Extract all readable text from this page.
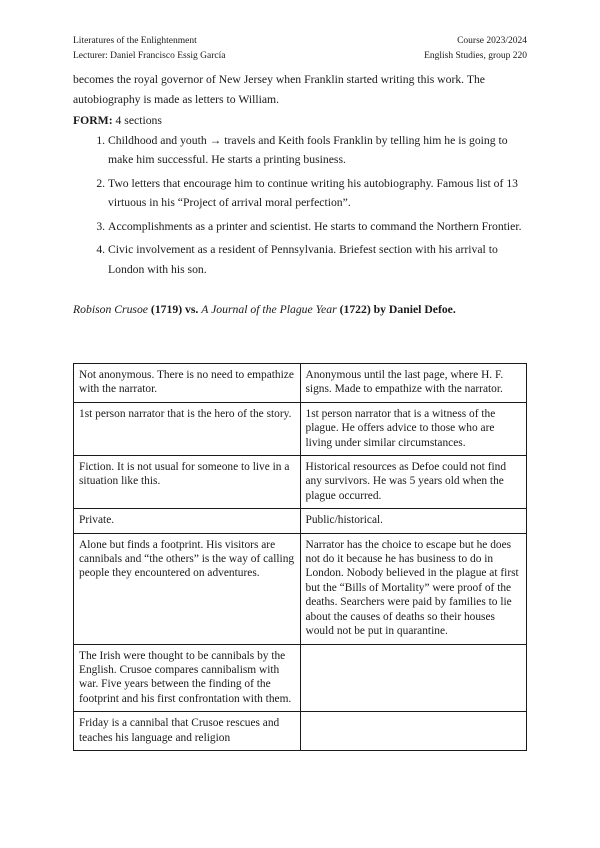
Literatures of the Enlightenment	Course 2023/2024
Lecturer: Daniel Francisco Essig García	English Studies, group 220

becomes the royal governor of New Jersey when Franklin started writing this work. The autobiography is made as letters to William.

FORM: 4 sections

1. Childhood and youth → travels and Keith fools Franklin by telling him he is going to make him successful. He starts a printing business.
2. Two letters that encourage him to continue writing his autobiography. Famous list of 13 virtuous in his “Project of arrival moral perfection”.
3. Accomplishments as a printer and scientist. He starts to command the Northern Frontier.
4. Civic involvement as a resident of Pennsylvania. Briefest section with his arrival to London with his son.

Robison Crusoe (1719) vs. A Journal of the Plague Year (1722) by Daniel Defoe.

Not anonymous. There is no need to empathize with the narrator.	Anonymous until the last page, where H. F. signs. Made to empathize with the narrator.
1st person narrator that is the hero of the story.	1st person narrator that is a witness of the plague. He offers advice to those who are living under similar circumstances.
Fiction. It is not usual for someone to live in a situation like this.	Historical resources as Defoe could not find any survivors. He was 5 years old when the plague occurred.
Private.	Public/historical.
Alone but finds a footprint. His visitors are cannibals and “the others” is the way of calling people they encountered on adventures.	Narrator has the choice to escape but he does not do it because he has business to do in London. Nobody believed in the plague at first but the “Bills of Mortality” were proof of the deaths. Searchers were paid by families to lie about the causes of deaths so their houses would not be put in quarantine.
The Irish were thought to be cannibals by the English. Crusoe compares cannibalism with war. Five years between the finding of the footprint and his first confrontation with them.	
Friday is a cannibal that Crusoe rescues and teaches his language and religion	
